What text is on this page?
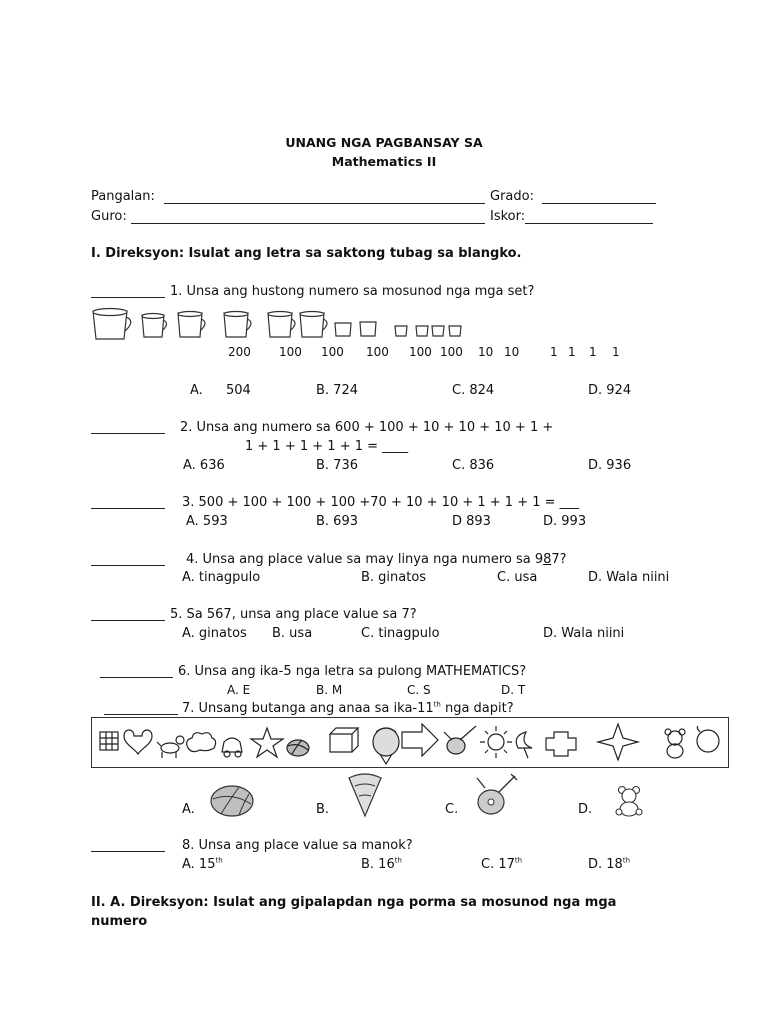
UNANG NGA PAGBANSAY SA
Mathematics II
Pangalan:	Grado:
Guro:	Iskor:
I. Direksyon: Isulat ang letra sa saktong tubag sa blangko.
1. Unsa ang hustong numero sa mosunod nga mga set?
200 100 100 100 100 100 10 10	1 1 1 1
A. 504	B. 724	C. 824	D. 924
2. Unsa ang numero sa 600 + 100 + 10 + 10 + 10 + 1 +
1 + 1 + 1 + 1 + 1 = ____
A. 636	B. 736	C. 836	D. 936
3. 500 + 100 + 100 + 100 +70 + 10 + 10 + 1 + 1 + 1 = ___
A. 593	B. 693	D 893	D. 993
4. Unsa ang place value sa may linya nga numero sa 987?
A. tinagpulo	B. ginatos	C. usa	D. Wala niini
5. Sa 567, unsa ang place value sa 7?
A. ginatos B. usa	C. tinagpulo	D. Wala niini
6. Unsa ang ika-5 nga letra sa pulong MATHEMATICS?
A. E	B. M	C. S	D. T
7. Unsang butanga ang anaa sa ika-11th nga dapit?
A.	B.	C.	D.
8. Unsa ang place value sa manok?
A. 15th	B. 16th	C. 17th	D. 18th
II. A. Direksyon: Isulat ang gipalapdan nga porma sa mosunod nga mga
numero
